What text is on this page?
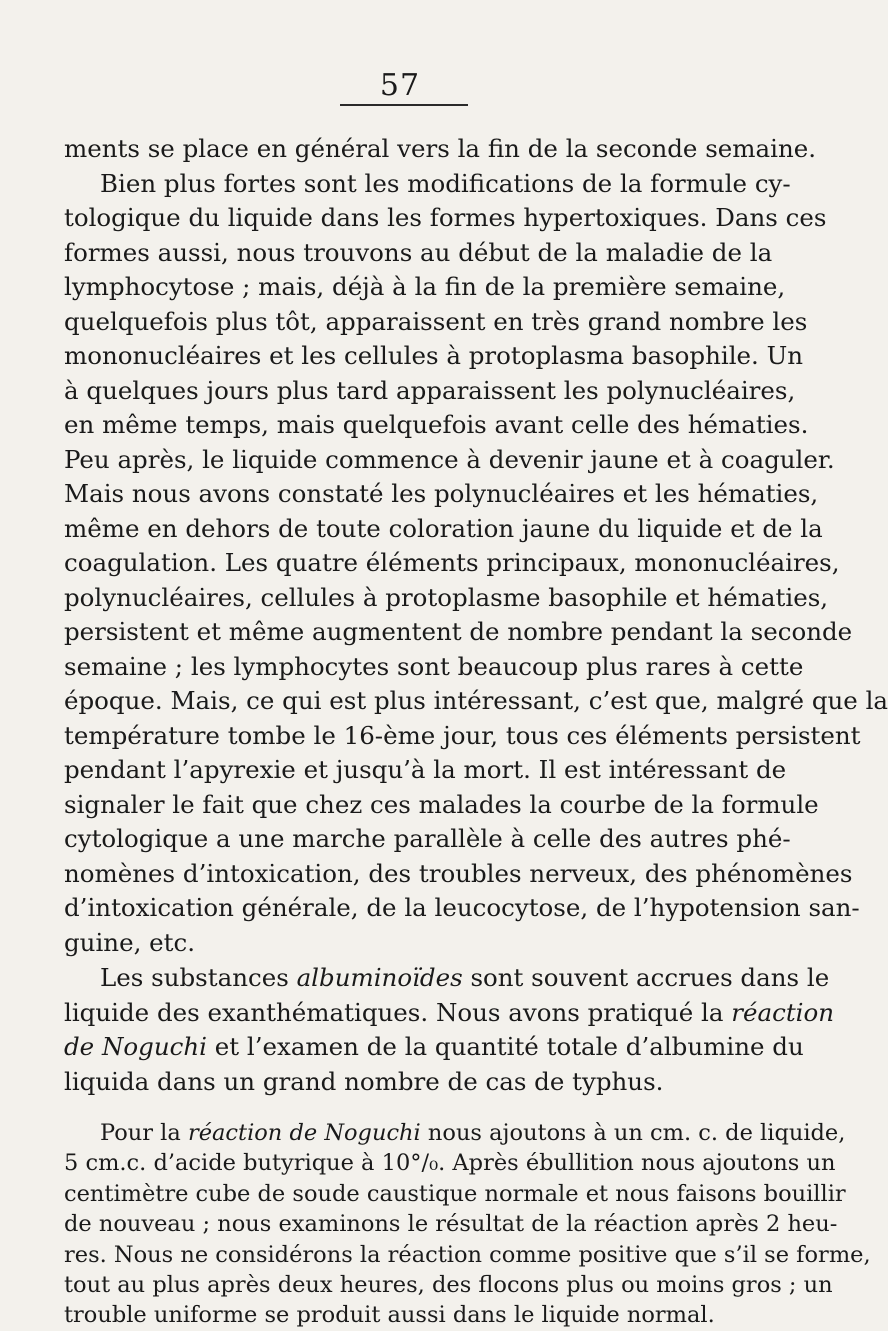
57
ments se place en général vers la fin de la seconde semaine.
Bien plus fortes sont les modifications de la formule cy-
tologique du liquide dans les formes hypertoxiques. Dans ces
formes aussi, nous trouvons au début de la maladie de la
lymphocytose ; mais, déjà à la fin de la première semaine,
quelquefois plus tôt, apparaissent en très grand nombre les
mononucléaires et les cellules à protoplasma basophile. Un
à quelques jours plus tard apparaissent les polynucléaires,
en même temps, mais quelquefois avant celle des hématies.
Peu après, le liquide commence à devenir jaune et à coaguler.
Mais nous avons constaté les polynucléaires et les hématies,
même en dehors de toute coloration jaune du liquide et de la
coagulation. Les quatre éléments principaux, mononucléaires,
polynucléaires, cellules à protoplasme basophile et hématies,
persistent et même augmentent de nombre pendant la seconde
semaine ; les lymphocytes sont beaucoup plus rares à cette
époque. Mais, ce qui est plus intéressant, c’est que, malgré que la
température tombe le 16-ème jour, tous ces éléments persistent
pendant l’apyrexie et jusqu’à la mort. Il est intéressant de
signaler le fait que chez ces malades la courbe de la formule
cytologique a une marche parallèle à celle des autres phé-
nomènes d’intoxication, des troubles nerveux, des phénomènes
d’intoxication générale, de la leucocytose, de l’hypotension san-
guine, etc.
Les substances albuminoïdes sont souvent accrues dans le
liquide des exanthématiques. Nous avons pratiqué la réaction
de Noguchi et l’examen de la quantité totale d’albumine du
liquida dans un grand nombre de cas de typhus.
Pour la réaction de Noguchi nous ajoutons à un cm. c. de liquide,
5 cm.c. d’acide butyrique à 10°/₀. Après ébullition nous ajoutons un
centimètre cube de soude caustique normale et nous faisons bouillir
de nouveau ; nous examinons le résultat de la réaction après 2 heu-
res. Nous ne considérons la réaction comme positive que s’il se forme,
tout au plus après deux heures, des flocons plus ou moins gros ; un
trouble uniforme se produit aussi dans le liquide normal.
